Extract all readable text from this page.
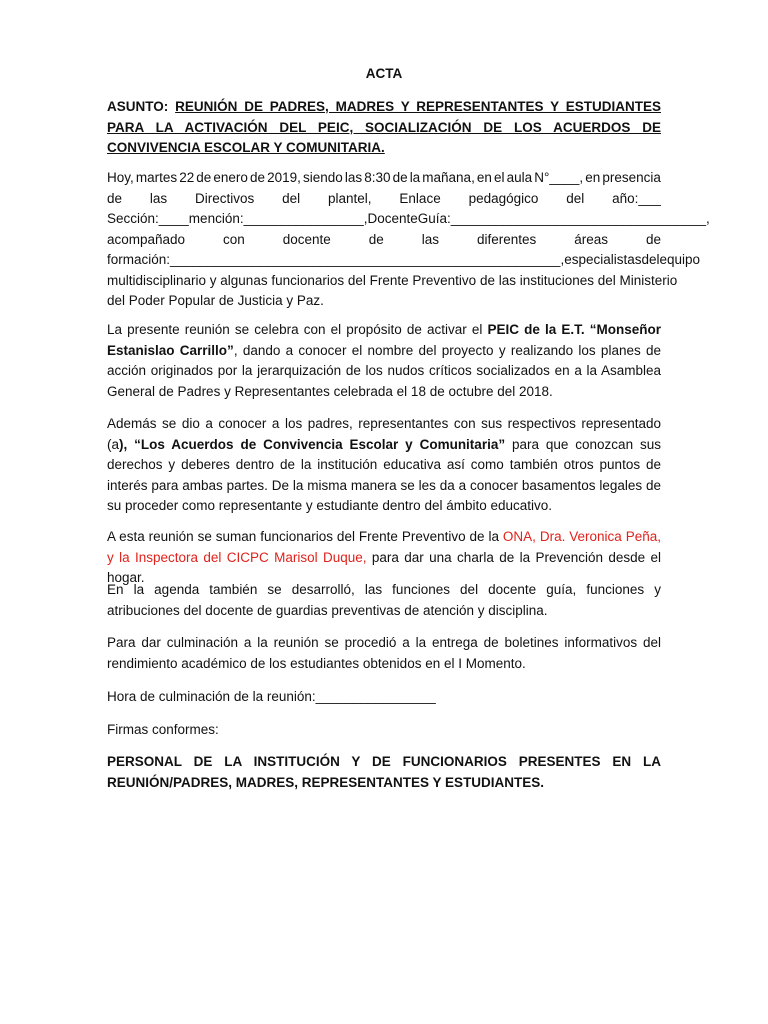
ACTA
ASUNTO: REUNIÓN DE PADRES, MADRES Y REPRESENTANTES Y ESTUDIANTES PARA LA ACTIVACIÓN DEL PEIC, SOCIALIZACIÓN DE LOS ACUERDOS DE CONVIVENCIA ESCOLAR Y COMUNITARIA.
Hoy, martes 22 de enero de 2019, siendo las 8:30 de la mañana, en el aula N°____, en presencia
de las Directivos del plantel, Enlace pedagógico del año:___
Sección:____mención:________________, Docente Guía:__________________________________,
acompañado	con	docente	de	las	diferentes	áreas	de
formación:____________________________________________________, especialistas del equipo
multidisciplinario y algunas funcionarios del Frente Preventivo de las instituciones del Ministerio
del Poder Popular de Justicia y Paz.
La presente reunión se celebra con el propósito de activar el PEIC de la E.T. “Monseñor Estanislao Carrillo”, dando a conocer el nombre del proyecto y realizando los planes de acción originados por la jerarquización de los nudos críticos socializados en a la Asamblea General de Padres y Representantes celebrada el 18 de octubre del 2018.
Además se dio a conocer a los padres, representantes con sus respectivos representado (a), “Los Acuerdos de Convivencia Escolar y Comunitaria” para que conozcan sus derechos y deberes dentro de la institución educativa así como también otros puntos de interés para ambas partes. De la misma manera se les da a conocer basamentos legales de su proceder como representante y estudiante dentro del ámbito educativo.
A esta reunión se suman funcionarios del Frente Preventivo de la ONA, Dra. Veronica Peña, y la Inspectora del CICPC Marisol Duque, para dar una charla de la Prevención desde el hogar.
En la agenda también se desarrolló, las funciones del docente guía, funciones y atribuciones del docente de guardias preventivas de atención y disciplina.
Para dar culminación a la reunión se procedió a la entrega de boletines informativos del rendimiento académico de los estudiantes obtenidos en el I Momento.
Hora de culminación de la reunión:________________
Firmas conformes:
PERSONAL DE LA INSTITUCIÓN Y DE FUNCIONARIOS PRESENTES EN LA REUNIÓN/PADRES, MADRES, REPRESENTANTES Y ESTUDIANTES.
